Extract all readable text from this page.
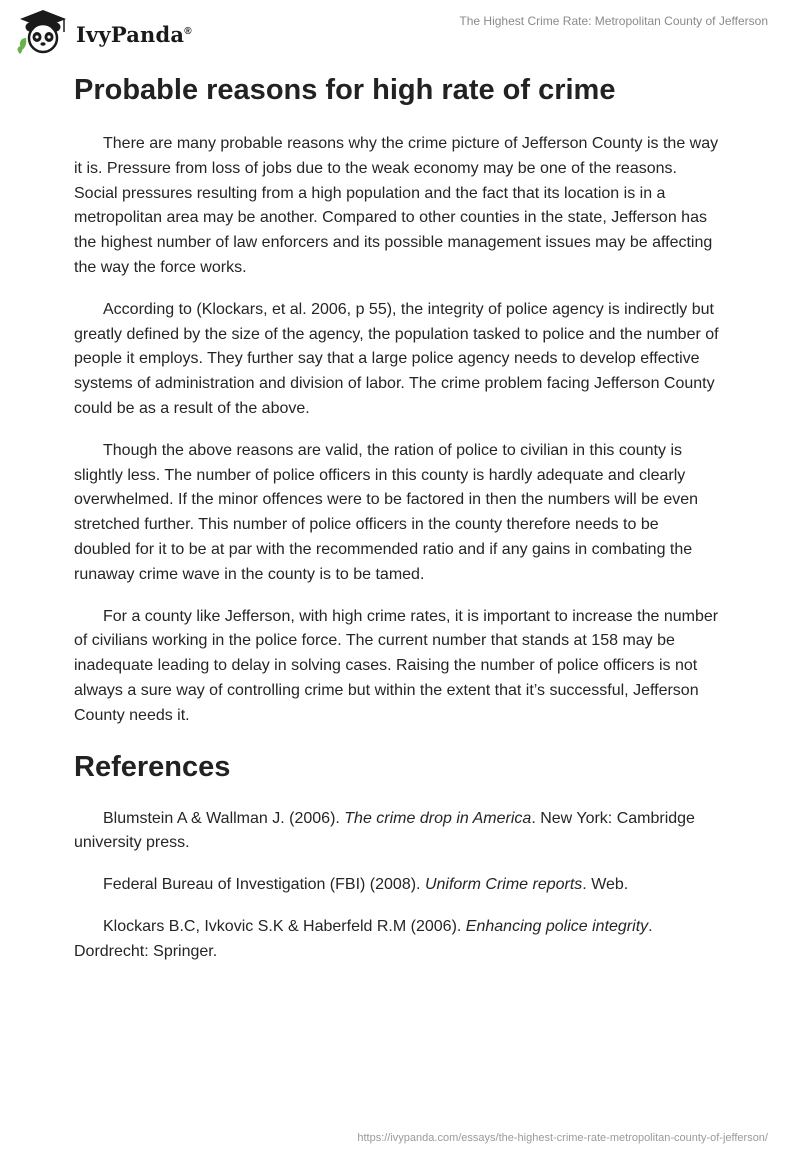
IvyPanda®
The Highest Crime Rate: Metropolitan County of Jefferson
Probable reasons for high rate of crime

There are many probable reasons why the crime picture of Jefferson County is the way it is. Pressure from loss of jobs due to the weak economy may be one of the reasons. Social pressures resulting from a high population and the fact that its location is in a metropolitan area may be another. Compared to other counties in the state, Jefferson has the highest number of law enforcers and its possible management issues may be affecting the way the force works.

According to (Klockars, et al. 2006, p 55), the integrity of police agency is indirectly but greatly defined by the size of the agency, the population tasked to police and the number of people it employs. They further say that a large police agency needs to develop effective systems of administration and division of labor. The crime problem facing Jefferson County could be as a result of the above.

Though the above reasons are valid, the ration of police to civilian in this county is slightly less. The number of police officers in this county is hardly adequate and clearly overwhelmed. If the minor offences were to be factored in then the numbers will be even stretched further. This number of police officers in the county therefore needs to be doubled for it to be at par with the recommended ratio and if any gains in combating the runaway crime wave in the county is to be tamed.

For a county like Jefferson, with high crime rates, it is important to increase the number of civilians working in the police force. The current number that stands at 158 may be inadequate leading to delay in solving cases. Raising the number of police officers is not always a sure way of controlling crime but within the extent that it’s successful, Jefferson County needs it.

References

Blumstein A & Wallman J. (2006). The crime drop in America. New York: Cambridge university press.

Federal Bureau of Investigation (FBI) (2008). Uniform Crime reports. Web.

Klockars B.C, Ivkovic S.K & Haberfeld R.M (2006). Enhancing police integrity. Dordrecht: Springer.

https://ivypanda.com/essays/the-highest-crime-rate-metropolitan-county-of-jefferson/
